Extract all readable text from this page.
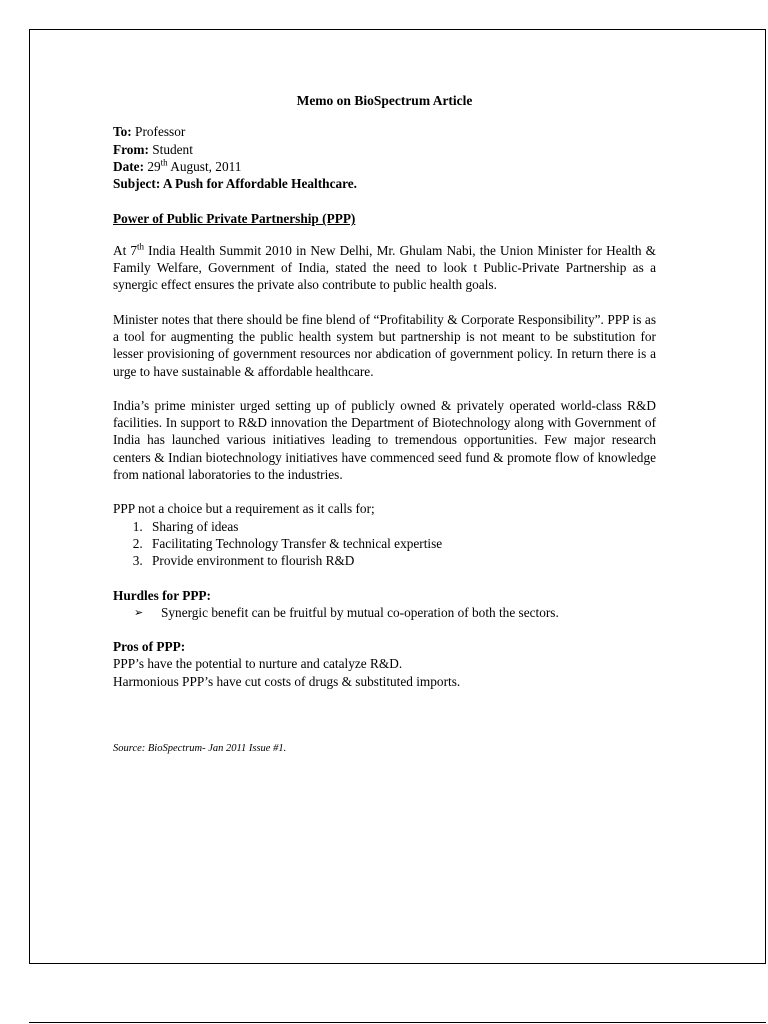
Memo on BioSpectrum Article

To: Professor

From: Student

Date: 29th August, 2011

Subject: A Push for Affordable Healthcare.

Power of Public Private Partnership (PPP)

At 7th India Health Summit 2010 in New Delhi, Mr. Ghulam Nabi, the Union Minister for Health & Family Welfare, Government of India, stated the need to look t Public-Private Partnership as a synergic effect ensures the private also contribute to public health goals.

Minister notes that there should be fine blend of “Profitability & Corporate Responsibility”. PPP is as a tool for augmenting the public health system but partnership is not meant to be substitution for lesser provisioning of government resources nor abdication of government policy. In return there is a urge to have sustainable & affordable healthcare.

India’s prime minister urged setting up of publicly owned & privately operated world-class R&D facilities. In support to R&D innovation the Department of Biotechnology along with Government of India has launched various initiatives leading to tremendous opportunities. Few major research centers & Indian biotechnology initiatives have commenced seed fund & promote flow of knowledge from national laboratories to the industries.

PPP not a choice but a requirement as it calls for;

1. Sharing of ideas
2. Facilitating Technology Transfer & technical expertise
3. Provide environment to flourish R&D
Hurdles for PPP:
➢ Synergic benefit can be fruitful by mutual co-operation of both the sectors.
Pros of PPP:

PPP’s have the potential to nurture and catalyze R&D.

Harmonious PPP’s have cut costs of drugs & substituted imports.

Source: BioSpectrum- Jan 2011 Issue #1.
